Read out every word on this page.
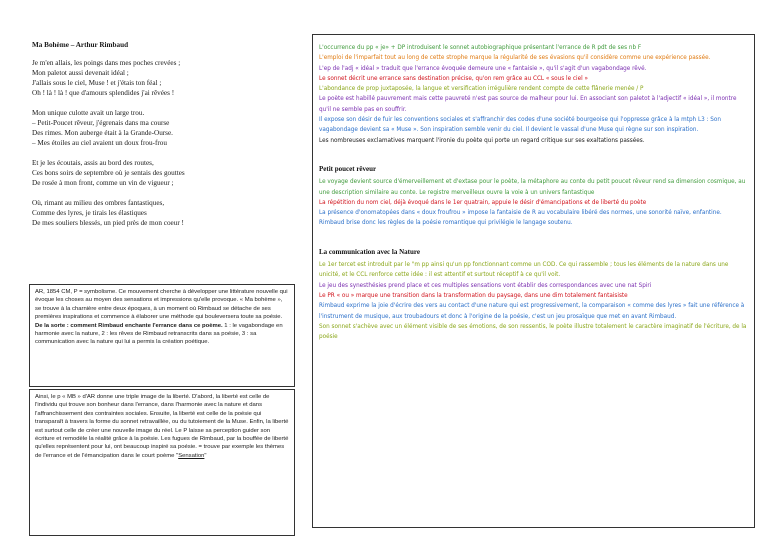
Ma Bohème – Arthur Rimbaud
Je m'en allais, les poings dans mes poches crevées ;
Mon paletot aussi devenait idéal ;
J'allais sous le ciel, Muse ! et j'étais ton féal ;
Oh ! là ! là ! que d'amours splendides j'ai rêvées !
Mon unique culotte avait un large trou.
– Petit-Poucet rêveur, j'égrenais dans ma course
Des rimes. Mon auberge était à la Grande-Ourse.
– Mes étoiles au ciel avaient un doux frou-frou
Et je les écoutais, assis au bord des routes,
Ces bons soirs de septembre où je sentais des gouttes
De rosée à mon front, comme un vin de vigueur ;
Où, rimant au milieu des ombres fantastiques,
Comme des lyres, je tirais les élastiques
De mes souliers blessés, un pied près de mon coeur !
AR, 1854 CM, P = symbolisme. Ce mouvement cherche à développer une littérature nouvelle qui évoque les choses au moyen des sensations et impressions qu'elle provoque. « Ma bohème », se trouve à la charnière entre deux époques, à un moment où Rimbaud se détache de ses premières inspirations et commence à élaborer une méthode qui bouleversera toute sa poésie. De la sorte : comment Rimbaud enchante l'errance dans ce poème. 1 : le vagabondage en harmonie avec la nature, 2 : les rêves de Rimbaud retranscrits dans sa poésie, 3 : sa communication avec la nature qui lui a permis la création poétique.
Ainsi, le p « MB » d'AR donne une triple image de la liberté. D'abord, la liberté est celle de l'individu qui trouve son bonheur dans l'errance, dans l'harmonie avec la nature et dans l'affranchissement des contraintes sociales. Ensuite, la liberté est celle de la poésie qui transparaît à travers la forme du sonnet retravaillée, ou du tutoiement de la Muse. Enfin, la liberté est surtout celle de créer une nouvelle image du réel. Le P laisse sa perception guider son écriture et remodèle la réalité grâce à la poésie. Les fugues de Rimbaud, par la bouffée de liberté qu'elles représentent pour lui, ont beaucoup inspiré sa poésie. = trouve par exemple les thèmes de l'errance et de l'émancipation dans le court poème "Sensation"

L'occurrence du pp « je» + DP introduisent le sonnet autobiographique présentant l'errance de R pdt de ses nb F

L'emploi de l'imparfait tout au long de cette strophe marque la régularité de ses évasions qu'il considère comme une expérience passée.

L'ep de l'adj « idéal » traduit que l'errance évoquée demeure une « fantaisie », qu'il s'agit d'un vagabondage rêvé.

Le sonnet décrit une errance sans destination précise, qu'on rem grâce au CCL « sous le ciel »

L'abondance de prop juxtaposée, la langue et versification irrégulière rendent compte de cette flânerie menée / P

Le poète est habillé pauvrement mais cette pauvreté n'est pas source de malheur pour lui. En associant son paletot à l'adjectif « idéal », il montre qu'il ne semble pas en souffrir.

Il expose son désir de fuir les conventions sociales et s'affranchir des codes d'une société bourgeoise qui l'oppresse grâce à la mtph L3 : Son vagabondage devient sa « Muse ». Son inspiration semble venir du ciel. Il devient le vassal d'une Muse qui règne sur son inspiration.

Les nombreuses exclamatives marquent l'ironie du poète qui porte un regard critique sur ses exaltations passées.

Petit poucet rêveur

Le voyage devient source d'émerveillement et d'extase pour le poète, la métaphore au conte du petit poucet rêveur rend sa dimension cosmique, au une description similaire au conte. Le registre merveilleux ouvre la voie à un univers fantastique

La répétition du nom ciel, déjà évoqué dans le 1er quatrain, appuie le désir d'émancipations et de liberté du poète

La présence d'onomatopées dans « doux froufrou » impose la fantaisie de R au vocabulaire libéré des normes, une sonorité naïve, enfantine. Rimbaud brise donc les règles de la poésie romantique qui privilégie le langage soutenu.

La communication avec la Nature

Le 1er tercet est introduit par le "m pp ainsi qu'un pp fonctionnant comme un COD. Ce qui rassemble ; tous les éléments de la nature dans une unicité, et le CCL renforce cette idée : il est attentif et surtout réceptif à ce qu'il voit.

Le jeu des synesthésies prend place et ces multiples sensations vont établir des correspondances avec une nat Spiri

Le PR « ou » marque une transition dans la transformation du paysage, dans une dim totalement fantaisiste

Rimbaud exprime la joie d'écrire des vers au contact d'une nature qui est progressivement, la comparaison « comme des lyres » fait une référence à l'instrument de musique, aux troubadours et donc à l'origine de la poésie, c'est un jeu prosaïque que met en avant Rimbaud.

Son sonnet s'achève avec un élément visible de ses émotions, de son ressentis, le poète illustre totalement le caractère imaginatif de l'écriture, de la poésie
